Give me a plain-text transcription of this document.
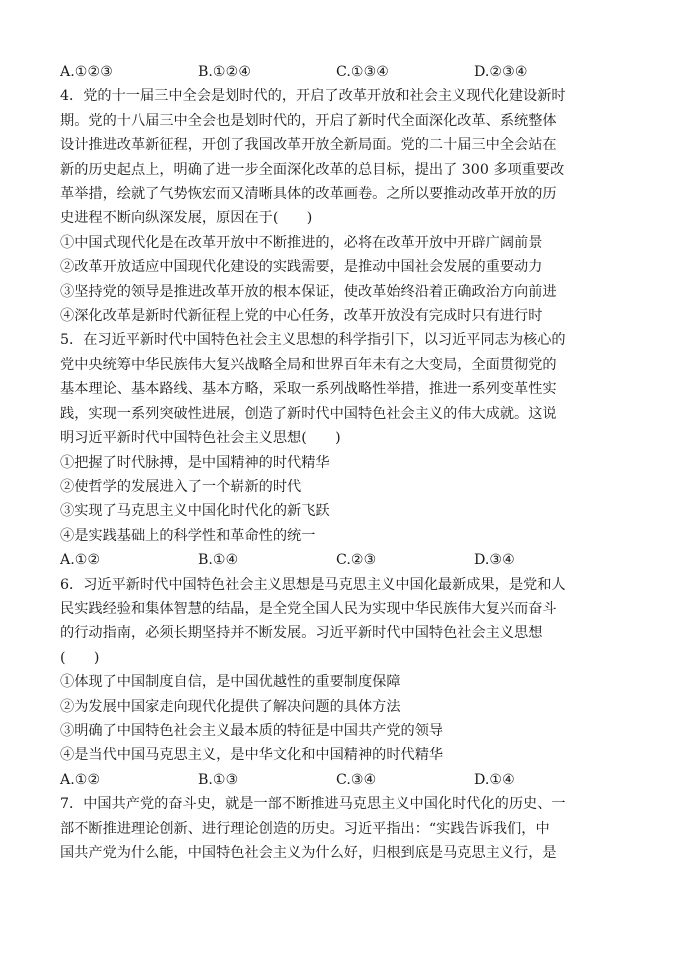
A.①②③	B.①②④	C.①③④	D.②③④
4．党的十一届三中全会是划时代的，开启了改革开放和社会主义现代化建设新时
期。党的十八届三中全会也是划时代的，开启了新时代全面深化改革、系统整体
设计推进改革新征程，开创了我国改革开放全新局面。党的二十届三中全会站在
新的历史起点上，明确了进一步全面深化改革的总目标，提出了 300 多项重要改
革举措，绘就了气势恢宏而又清晰具体的改革画卷。之所以要推动改革开放的历
史进程不断向纵深发展，原因在于(　　)
①中国式现代化是在改革开放中不断推进的，必将在改革开放中开辟广阔前景
②改革开放适应中国现代化建设的实践需要，是推动中国社会发展的重要动力
③坚持党的领导是推进改革开放的根本保证，使改革始终沿着正确政治方向前进
④深化改革是新时代新征程上党的中心任务，改革开放没有完成时只有进行时
5．在习近平新时代中国特色社会主义思想的科学指引下，以习近平同志为核心的
党中央统筹中华民族伟大复兴战略全局和世界百年未有之大变局，全面贯彻党的
基本理论、基本路线、基本方略，采取一系列战略性举措，推进一系列变革性实
践，实现一系列突破性进展，创造了新时代中国特色社会主义的伟大成就。这说
明习近平新时代中国特色社会主义思想(　　)
①把握了时代脉搏，是中国精神的时代精华
②使哲学的发展进入了一个崭新的时代
③实现了马克思主义中国化时代化的新飞跃
④是实践基础上的科学性和革命性的统一
A.①②	B.①④	C.②③	D.③④
6．习近平新时代中国特色社会主义思想是马克思主义中国化最新成果，是党和人
民实践经验和集体智慧的结晶，是全党全国人民为实现中华民族伟大复兴而奋斗
的行动指南，必须长期坚持并不断发展。习近平新时代中国特色社会主义思想
(　　)
①体现了中国制度自信，是中国优越性的重要制度保障
②为发展中国家走向现代化提供了解决问题的具体方法
③明确了中国特色社会主义最本质的特征是中国共产党的领导
④是当代中国马克思主义，是中华文化和中国精神的时代精华
A.①②	B.①③	C.③④	D.①④
7．中国共产党的奋斗史，就是一部不断推进马克思主义中国化时代化的历史、一
部不断推进理论创新、进行理论创造的历史。习近平指出：“实践告诉我们，中
国共产党为什么能，中国特色社会主义为什么好，归根到底是马克思主义行，是
